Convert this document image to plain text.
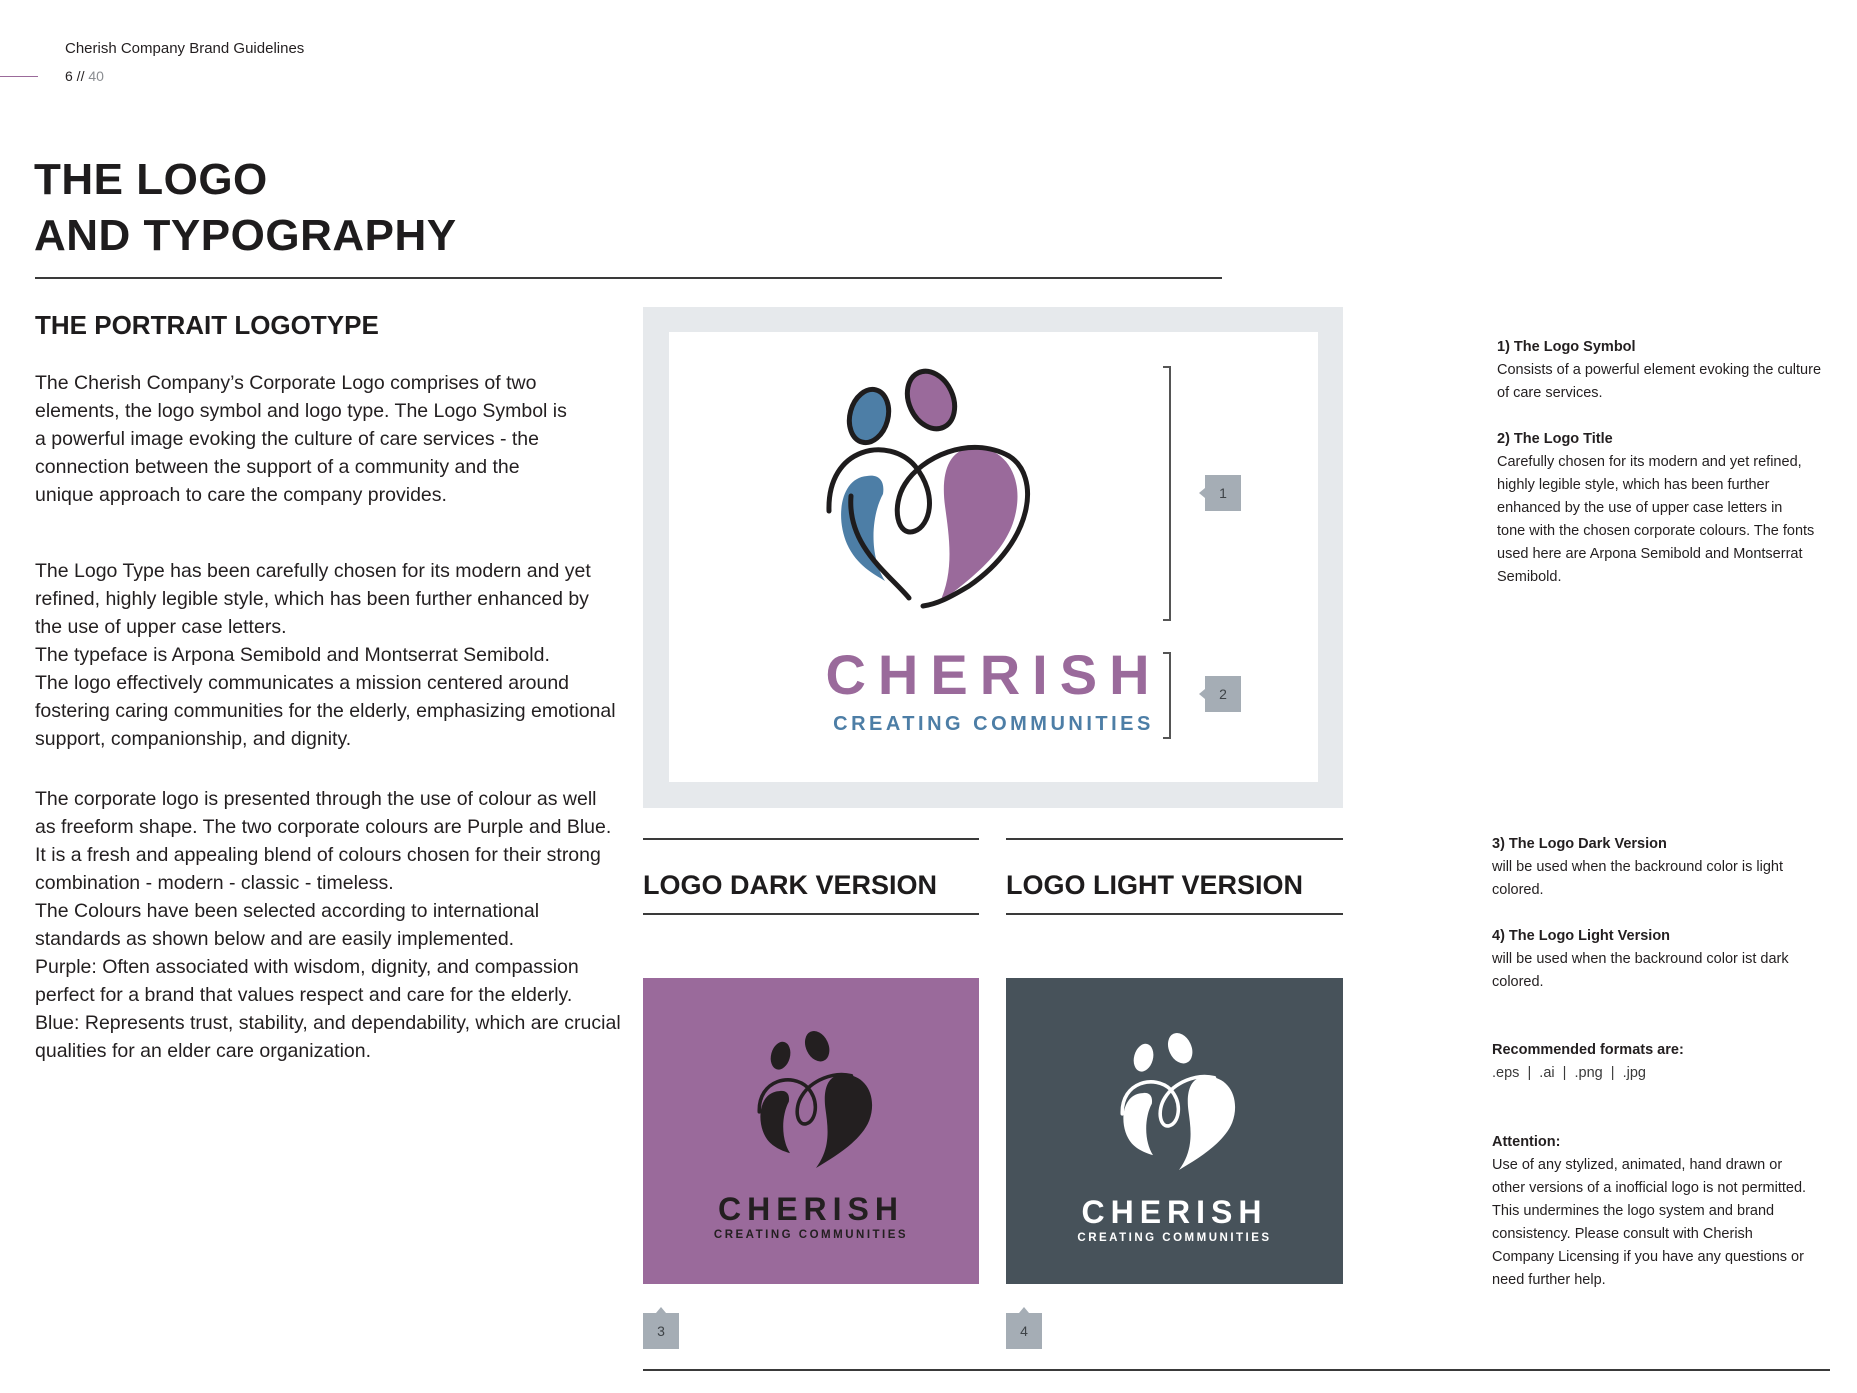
Cherish Company Brand Guidelines
6 // 40
THE LOGO
AND TYPOGRAPHY
THE PORTRAIT LOGOTYPE

The Cherish Company’s Corporate Logo comprises of two
elements, the logo symbol and logo type. The Logo Symbol is
a powerful image evoking the culture of care services - the
connection between the support of a community and the
unique approach to care the company provides.

The Logo Type has been carefully chosen for its modern and yet
refined, highly legible style, which has been further enhanced by
the use of upper case letters.
The typeface is Arpona Semibold and Montserrat Semibold.
The logo effectively communicates a mission centered around
fostering caring communities for the elderly, emphasizing emotional
support, companionship, and dignity.

The corporate logo is presented through the use of colour as well
as freeform shape. The two corporate colours are Purple and Blue.
It is a fresh and appealing blend of colours chosen for their strong
combination - modern - classic - timeless.
The Colours have been selected according to international
standards as shown below and are easily implemented.
Purple: Often associated with wisdom, dignity, and compassion
perfect for a brand that values respect and care for the elderly.
Blue: Represents trust, stability, and dependability, which are crucial
qualities for an elder care organization.

CHERISH
CREATING COMMUNITIES
1
2
LOGO DARK VERSION	LOGO LIGHT VERSION
CHERISH
CREATING COMMUNITIES
CHERISH
CREATING COMMUNITIES
3	4

1) The Logo Symbol
Consists of a powerful element evoking the culture
of care services.

2) The Logo Title
Carefully chosen for its modern and yet refined,
highly legible style, which has been further
enhanced by the use of upper case letters in
tone with the chosen corporate colours. The fonts
used here are Arpona Semibold and Montserrat
Semibold.

3) The Logo Dark Version
will be used when the backround color is light
colored.

4) The Logo Light Version
will be used when the backround color ist dark
colored.

Recommended formats are:
.eps  |  .ai  |  .png  |  .jpg

Attention:
Use of any stylized, animated, hand drawn or
other versions of a inofficial logo is not permitted.
This undermines the logo system and brand
consistency. Please consult with Cherish
Company Licensing if you have any questions or
need further help.
